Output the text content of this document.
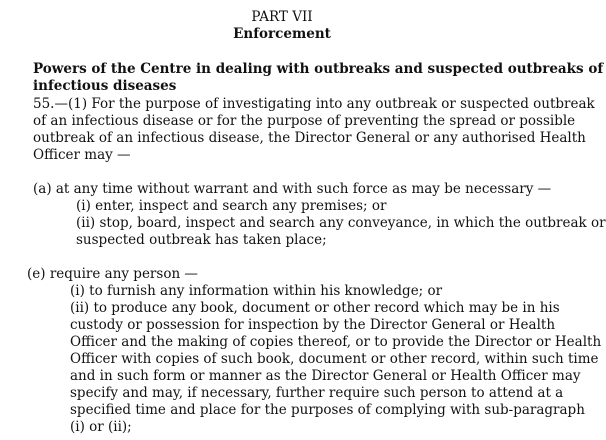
PART VII
Enforcement
Powers of the Centre in dealing with outbreaks and suspected outbreaks of
infectious diseases
55.—(1) For the purpose of investigating into any outbreak or suspected outbreak
of an infectious disease or for the purpose of preventing the spread or possible
outbreak of an infectious disease, the Director General or any authorised Health
Officer may —
(a) at any time without warrant and with such force as may be necessary —
(i) enter, inspect and search any premises; or
(ii) stop, board, inspect and search any conveyance, in which the outbreak or
suspected outbreak has taken place;
(e) require any person —
(i) to furnish any information within his knowledge; or
(ii) to produce any book, document or other record which may be in his
custody or possession for inspection by the Director General or Health
Officer and the making of copies thereof, or to provide the Director or Health
Officer with copies of such book, document or other record, within such time
and in such form or manner as the Director General or Health Officer may
specify and may, if necessary, further require such person to attend at a
specified time and place for the purposes of complying with sub-paragraph
(i) or (ii);
